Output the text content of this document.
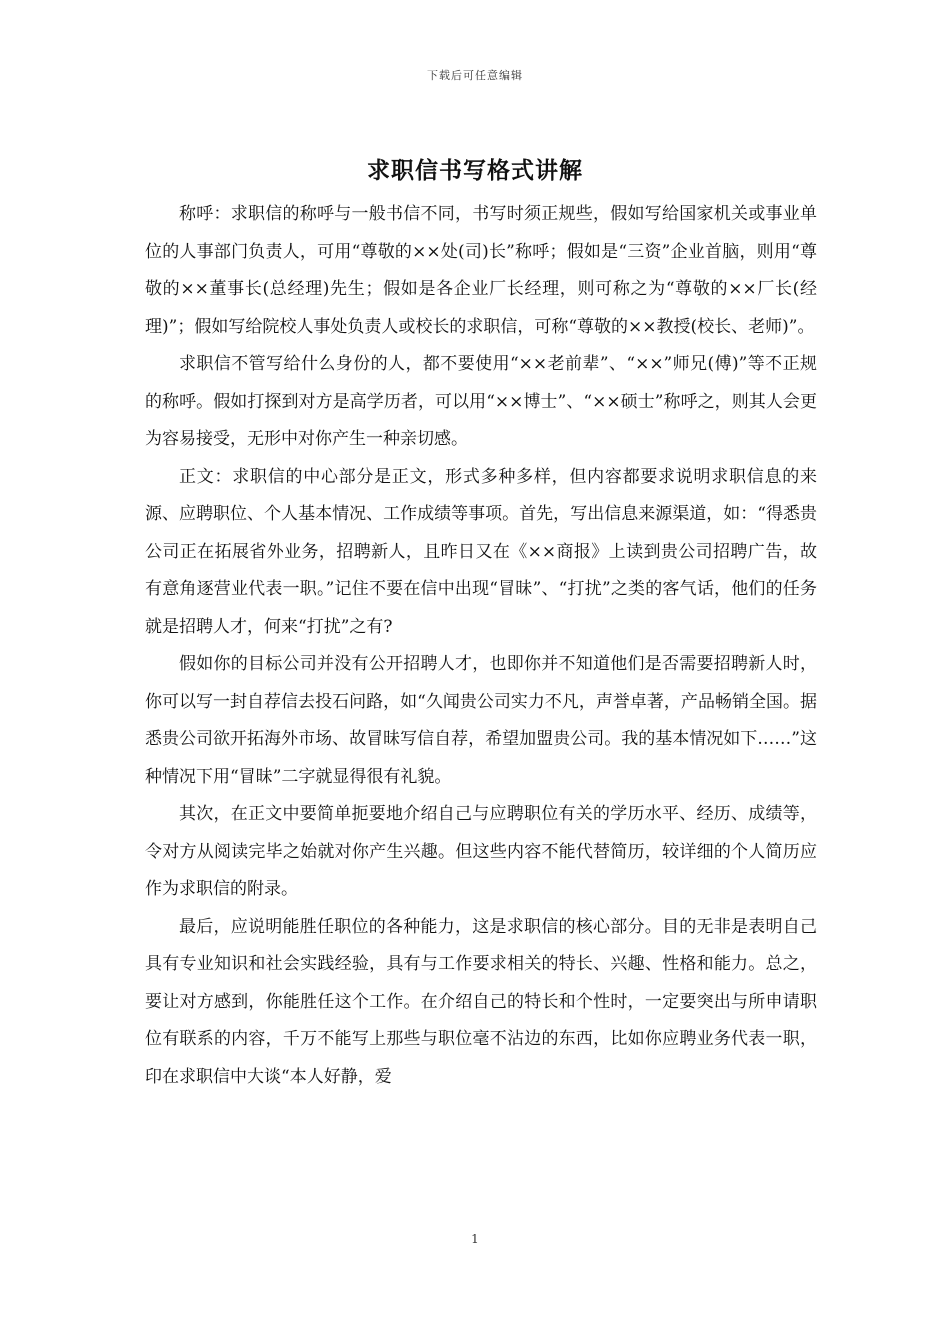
下载后可任意编辑
求职信书写格式讲解

称呼：求职信的称呼与一般书信不同，书写时须正规些，假如写给国家机关或事业单位的人事部门负责人，可用“尊敬的××处(司)长”称呼；假如是“三资”企业首脑，则用“尊敬的××董事长(总经理)先生；假如是各企业厂长经理，则可称之为“尊敬的××厂长(经理)”；假如写给院校人事处负责人或校长的求职信，可称“尊敬的××教授(校长、老师)”。

求职信不管写给什么身份的人，都不要使用“××老前辈”、“××”师兄(傅)”等不正规的称呼。假如打探到对方是高学历者，可以用“××博士”、“××硕士”称呼之，则其人会更为容易接受，无形中对你产生一种亲切感。

正文：求职信的中心部分是正文，形式多种多样，但内容都要求说明求职信息的来源、应聘职位、个人基本情况、工作成绩等事项。首先，写出信息来源渠道，如：“得悉贵公司正在拓展省外业务，招聘新人，且昨日又在《××商报》上读到贵公司招聘广告，故有意角逐营业代表一职。”记住不要在信中出现“冒昧”、“打扰”之类的客气话，他们的任务就是招聘人才，何来“打扰”之有?

假如你的目标公司并没有公开招聘人才，也即你并不知道他们是否需要招聘新人时，你可以写一封自荐信去投石问路，如“久闻贵公司实力不凡，声誉卓著，产品畅销全国。据悉贵公司欲开拓海外市场、故冒昧写信自荐，希望加盟贵公司。我的基本情况如下……”这种情况下用“冒昧”二字就显得很有礼貌。

其次，在正文中要简单扼要地介绍自己与应聘职位有关的学历水平、经历、成绩等，令对方从阅读完毕之始就对你产生兴趣。但这些内容不能代替简历，较详细的个人简历应作为求职信的附录。

最后，应说明能胜任职位的各种能力，这是求职信的核心部分。目的无非是表明自己具有专业知识和社会实践经验，具有与工作要求相关的特长、兴趣、性格和能力。总之，要让对方感到，你能胜任这个工作。在介绍自己的特长和个性时，一定要突出与所申请职位有联系的内容，千万不能写上那些与职位毫不沾边的东西，比如你应聘业务代表一职，印在求职信中大谈“本人好静，爱

1
